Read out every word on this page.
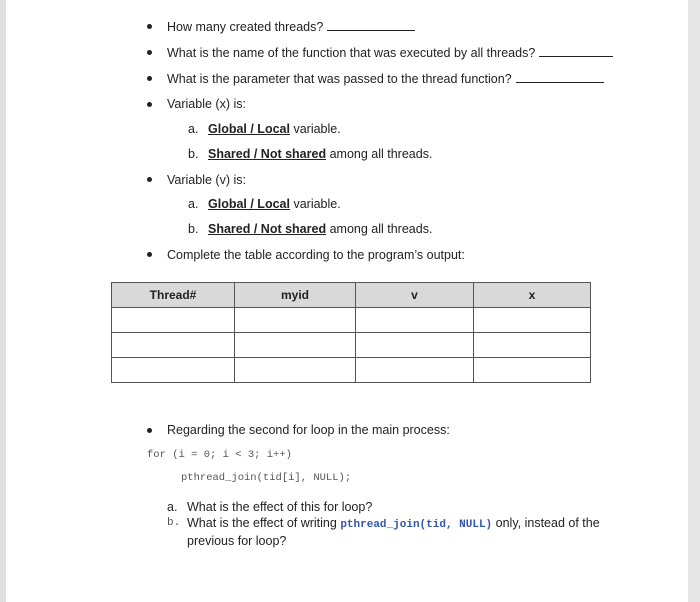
How many created threads?
What is the name of the function that was executed by all threads?
What is the parameter that was passed to the thread function?
Variable (x) is:
a. Global / Local variable.
b. Shared / Not shared among all threads.
Variable (v) is:
a. Global / Local variable.
b. Shared / Not shared among all threads.
Complete the table according to the program’s output:
Thread#	myid	v	x

Regarding the second for loop in the main process:
for (i = 0; i < 3; i++)
pthread_join(tid[i], NULL);
a. What is the effect of this for loop?
b. What is the effect of writing pthread_join(tid, NULL) only, instead of the previous for loop?
